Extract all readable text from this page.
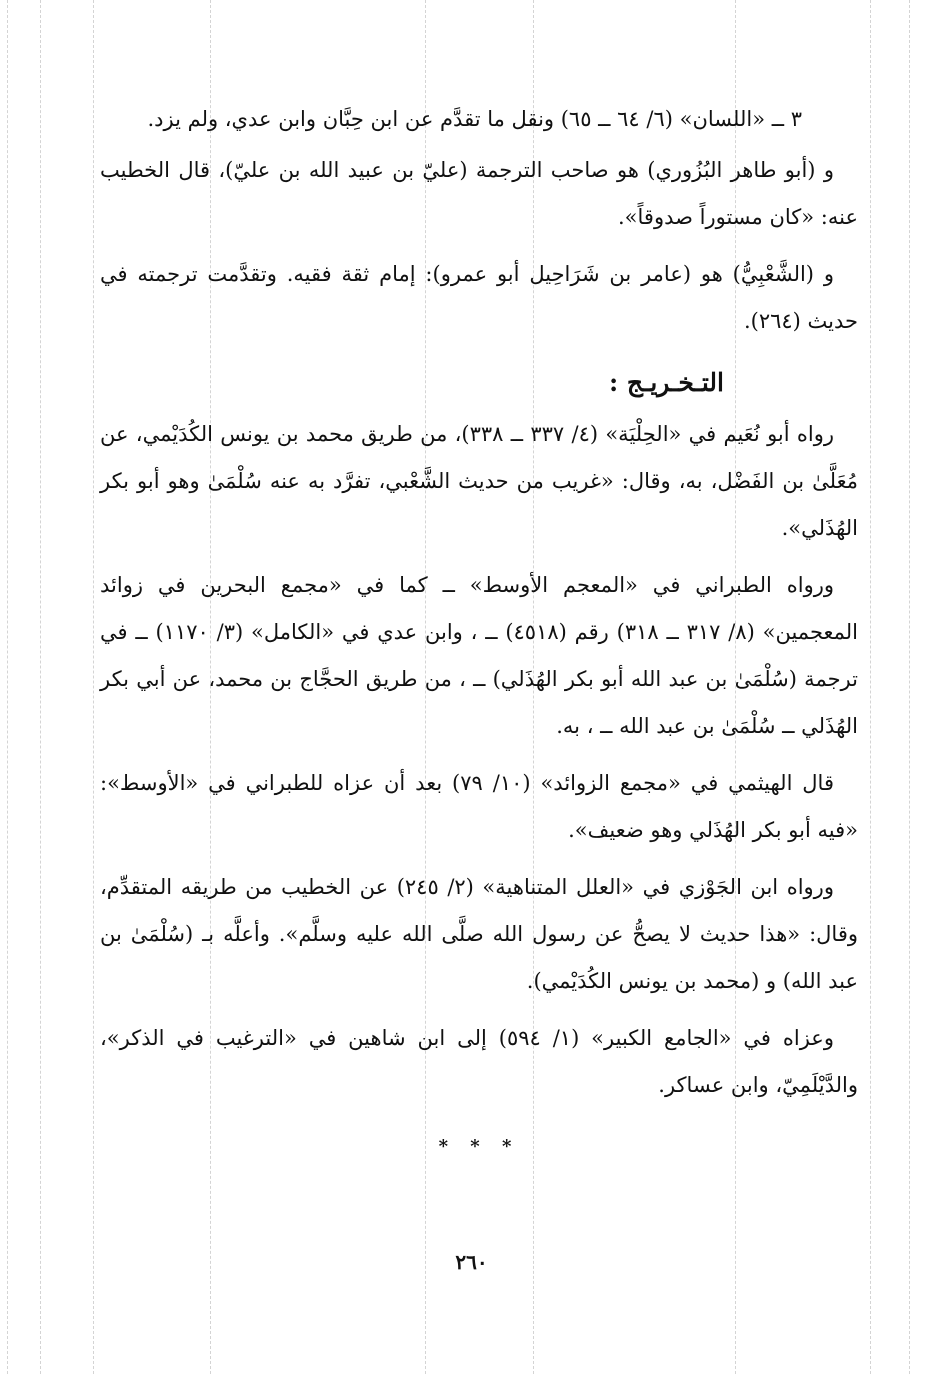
٣ ــ «اللسان» (٦/ ٦٤ ــ ٦٥) ونقل ما تقدَّم عن ابن حِبَّان وابن عدي، ولم يزد.

و (أبو طاهر البُزُوري) هو صاحب الترجمة (عليّ بن عبيد الله بن عليّ)، قال الخطيب عنه: «كان مستوراً صدوقاً».

و (الشَّعْبِيُّ) هو (عامر بن شَرَاحِيل أبو عمرو): إمام ثقة فقيه. وتقدَّمت ترجمته في حديث (٢٦٤).

التـخـريـج :

رواه أبو نُعَيم في «الحِلْيَة» (٤/ ٣٣٧ ــ ٣٣٨)، من طريق محمد بن يونس الكُدَيْمي، عن مُعَلَّىٰ بن الفَضْل، به، وقال: «غريب من حديث الشَّعْبي، تفرَّد به عنه سُلْمَىٰ وهو أبو بكر الهُذَلي».

ورواه الطبراني في «المعجم الأوسط» ــ كما في «مجمع البحرين في زوائد المعجمين» (٨/ ٣١٧ ــ ٣١٨) رقم (٤٥١٨) ــ ، وابن عدي في «الكامل» (٣/ ١١٧٠) ــ في ترجمة (سُلْمَىٰ بن عبد الله أبو بكر الهُذَلي) ــ ، من طريق الحجَّاج بن محمد، عن أبي بكر الهُذَلي ــ سُلْمَىٰ بن عبد الله ــ ، به.

قال الهيثمي في «مجمع الزوائد» (١٠/ ٧٩) بعد أن عزاه للطبراني في «الأوسط»: «فيه أبو بكر الهُذَلي وهو ضعيف».

ورواه ابن الجَوْزي في «العلل المتناهية» (٢/ ٢٤٥) عن الخطيب من طريقه المتقدِّم، وقال: «هذا حديث لا يصحُّ عن رسول الله صلَّى الله عليه وسلَّم». وأعلَّه بـ (سُلْمَىٰ بن عبد الله) و (محمد بن يونس الكُدَيْمي).

وعزاه في «الجامع الكبير» (١/ ٥٩٤) إلى ابن شاهين في «الترغيب في الذكر»، والدَّيْلَمِيّ، وابن عساكر.

* * *
٢٦٠
